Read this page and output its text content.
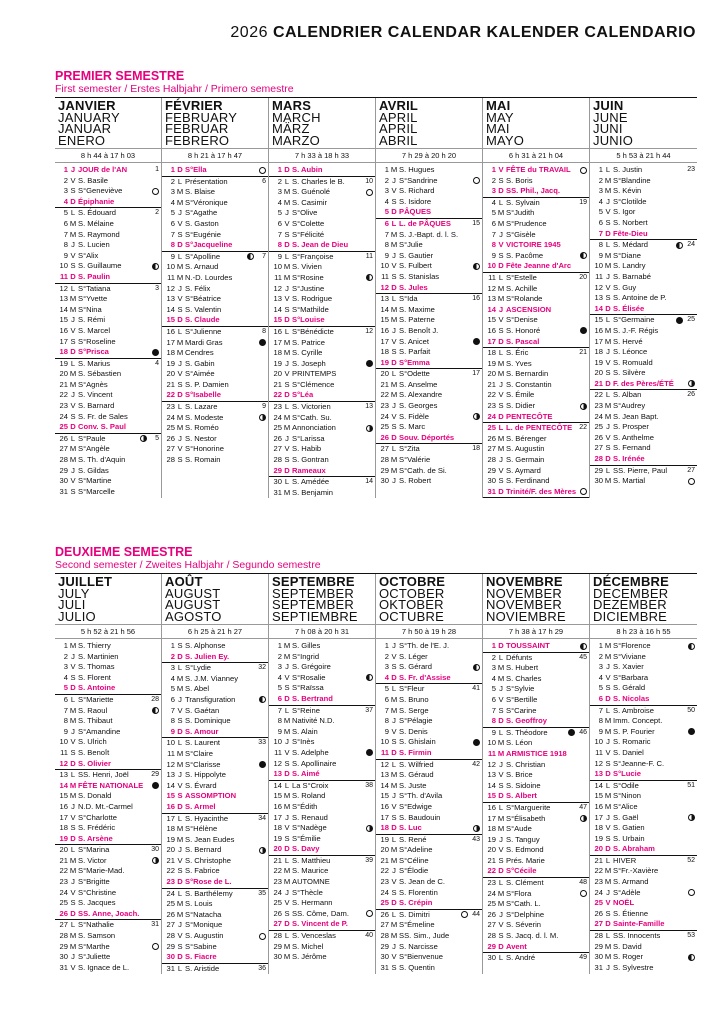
2026 CALENDRIER CALENDAR KALENDER CALENDARIO
PREMIER SEMESTRE
First semester / Erstes Halbjahr / Primero semestre
JANVIER
JANUARY
JANUAR
ENERO
8 h 44 à 17 h 03
1 J JOUR de l'AN	1
2 V S. Basile
3 S S°Geneviève
4 D Épiphanie
5 L S. Édouard	2
6 M S. Mélaine
7 M S. Raymond
8 J S. Lucien
9 V S°Alix
10 S S. Guillaume
11 D S. Paulin
12 L S°Tatiana	3
13 M S°Yvette
14 M S°Nina
15 J S. Rémi
16 V S. Marcel
17 S S°Roseline
18 D S°Prisca
19 L S. Marius	4
20 M S. Sébastien
21 M S°Agnès
22 J S. Vincent
23 V S. Barnard
24 S S. Fr. de Sales
25 D Conv. S. Paul
26 L S°Paule	5
27 M S°Angèle
28 M S. Th. d'Aquin
29 J S. Gildas
30 V S°Martine
31 S S°Marcelle
FÉVRIER
FEBRUARY
FEBRUAR
FEBRERO
8 h 21 à 17 h 47
1 D S°Ella
2 L Présentation	6
3 M S. Blaise
4 M S°Véronique
5 J S°Agathe
6 V S. Gaston
7 S S°Eugénie
8 D S°Jacqueline
9 L S°Apolline	7
10 M S. Arnaud
11 M N.-D. Lourdes
12 J S. Félix
13 V S°Béatrice
14 S S. Valentin
15 D S. Claude
16 L S°Julienne	8
17 M Mardi Gras
18 M Cendres
19 J S. Gabin
20 V S°Aimée
21 S S. P. Damien
22 D S°Isabelle
23 L S. Lazare	9
24 M S. Modeste
25 M S. Roméo
26 J S. Nestor
27 V S°Honorine
28 S S. Romain
MARS
MARCH
MÄRZ
MARZO
7 h 33 à 18 h 33
1 D S. Aubin
2 L S. Charles le B.	10
3 M S. Guénolé
4 M S. Casimir
5 J S°Olive
6 V S°Colette
7 S S°Félicité
8 D S. Jean de Dieu
9 L S°Françoise	11
10 M S. Vivien
11 M S°Rosine
12 J S°Justine
13 V S. Rodrigue
14 S S°Mathilde
15 D S°Louise
16 L S°Bénédicte	12
17 M S. Patrice
18 M S. Cyrille
19 J S. Joseph
20 V PRINTEMPS
21 S S°Clémence
22 D S°Léa
23 L S. Victorien	13
24 M S°Cath. Su.
25 M Annonciation
26 J S°Larissa
27 V S. Habib
28 S S. Gontran
29 D Rameaux
30 L S. Amédée	14
31 M S. Benjamin
AVRIL
APRIL
APRIL
ABRIL
7 h 29 à 20 h 20
1 M S. Hugues
2 J S°Sandrine
3 V S. Richard
4 S S. Isidore
5 D PÂQUES
6 L L. de PÂQUES	15
7 M S. J.-Bapt. d. l. S.
8 M S°Julie
9 J S. Gautier
10 V S. Fulbert
11 S S. Stanislas
12 D S. Jules
13 L S°Ida	16
14 M S. Maxime
15 M S. Paterne
16 J S. Benoît J.
17 V S. Anicet
18 S S. Parfait
19 D S°Emma
20 L S°Odette	17
21 M S. Anselme
22 M S. Alexandre
23 J S. Georges
24 V S. Fidèle
25 S S. Marc
26 D Souv. Déportés
27 L S°Zita	18
28 M S°Valérie
29 M S°Cath. de Si.
30 J S. Robert
MAI
MAY
MAI
MAYO
6 h 31 à 21 h 04
1 V FÊTE du TRAVAIL
2 S S. Boris
3 D SS. Phil., Jacq.
4 L S. Sylvain	19
5 M S°Judith
6 M S°Prudence
7 J S°Gisèle
8 V VICTOIRE 1945
9 S S. Pacôme
10 D Fête Jeanne d'Arc
11 L S°Estelle	20
12 M S. Achille
13 M S°Rolande
14 J ASCENSION
15 V S°Denise
16 S S. Honoré
17 D S. Pascal
18 L S. Éric	21
19 M S. Yves
20 M S. Bernardin
21 J S. Constantin
22 V S. Émile
23 S S. Didier
24 D PENTECÔTE
25 L L. de PENTECÔTE 22
26 M S. Bérenger
27 M S. Augustin
28 J S. Germain
29 V S. Aymard
30 S S. Ferdinand
31 D Trinité/F. des Mères
JUIN
JUNE
JUNI
JUNIO
5 h 53 à 21 h 44
1 L S. Justin	23
2 M S°Blandine
3 M S. Kévin
4 J S°Clotilde
5 V S. Igor
6 S S. Norbert
7 D Fête-Dieu
8 L S. Médard	24
9 M S°Diane
10 M S. Landry
11 J S. Barnabé
12 V S. Guy
13 S S. Antoine de P.
14 D S. Élisée
15 L S°Germaine	25
16 M S. J.-F. Régis
17 M S. Hervé
18 J S. Léonce
19 V S. Romuald
20 S S. Silvère
21 D F. des Pères/ÉTÉ
22 L S. Alban	26
23 M S°Audrey
24 M S. Jean Bapt.
25 J S. Prosper
26 V S. Anthelme
27 S S. Fernand
28 D S. Irénée
29 L SS. Pierre, Paul	27
30 M S. Martial
DEUXIEME SEMESTRE
Second semester / Zweites Halbjahr / Segundo semestre
JUILLET
JULY
JULI
JULIO
5 h 52 à 21 h 56
1 M S. Thierry
2 J S. Martinien
3 V S. Thomas
4 S S. Florent
5 D S. Antoine
6 L S°Mariette	28
7 M S. Raoul
8 M S. Thibaut
9 J S°Amandine
10 V S. Ulrich
11 S S. Benoît
12 D S. Olivier
13 L SS. Henri, Joël	29
14 M FÊTE NATIONALE
15 M S. Donald
16 J N.D. Mt.-Carmel
17 V S°Charlotte
18 S S. Frédéric
19 D S. Arsène
20 L S°Marina	30
21 M S. Victor
22 M S°Marie-Mad.
23 J S°Brigitte
24 V S°Christine
25 S S. Jacques
26 D SS. Anne, Joach.
27 L S°Nathalie	31
28 M S. Samson
29 M S°Marthe
30 J S°Juliette
31 V S. Ignace de L.
AOÛT
AUGUST
AUGUST
AGOSTO
6 h 25 à 21 h 27
1 S S. Alphonse
2 D S. Julien Ey.
3 L S°Lydie	32
4 M S. J.M. Vianney
5 M S. Abel
6 J Transfiguration
7 V S. Gaétan
8 S S. Dominique
9 D S. Amour
10 L S. Laurent	33
11 M S°Claire
12 M S°Clarisse
13 J S. Hippolyte
14 V S. Évrard
15 S ASSOMPTION
16 D S. Armel
17 L S. Hyacinthe	34
18 M S°Hélène
19 M S. Jean Eudes
20 J S. Bernard
21 V S. Christophe
22 S S. Fabrice
23 D S°Rose de L.
24 L S. Barthélemy	35
25 M S. Louis
26 M S°Natacha
27 J S°Monique
28 V S. Augustin
29 S S°Sabine
30 D S. Fiacre
31 L S. Aristide	36
SEPTEMBRE
SEPTEMBER
SEPTEMBER
SEPTIEMBRE
7 h 08 à 20 h 31
1 M S. Gilles
2 M S°Ingrid
3 J S. Grégoire
4 V S°Rosalie
5 S S°Raïssa
6 D S. Bertrand
7 L S°Reine	37
8 M Nativité N.D.
9 M S. Alain
10 J S°Inès
11 V S. Adelphe
12 S S. Apollinaire
13 D S. Aimé
14 L La S°Croix	38
15 M S. Roland
16 M S°Édith
17 J S. Renaud
18 V S°Nadège
19 S S°Émilie
20 D S. Davy
21 L S. Matthieu	39
22 M S. Maurice
23 M AUTOMNE
24 J S°Thècle
25 V S. Hermann
26 S SS. Côme, Dam.
27 D S. Vincent de P.
28 L S. Venceslas	40
29 M S. Michel
30 M S. Jérôme
OCTOBRE
OCTOBER
OKTOBER
OCTUBRE
7 h 50 à 19 h 28
1 J S°Th. de l'E. J.
2 V S. Léger
3 S S. Gérard
4 D S. Fr. d'Assise
5 L S°Fleur	41
6 M S. Bruno
7 M S. Serge
8 J S°Pélagie
9 V S. Denis
10 S S. Ghislain
11 D S. Firmin
12 L S. Wilfried	42
13 M S. Géraud
14 M S. Juste
15 J S°Th. d'Avila
16 V S°Edwige
17 S S. Baudouin
18 D S. Luc
19 L S. René	43
20 M S°Adeline
21 M S°Céline
22 J S°Élodie
23 V S. Jean de C.
24 S S. Florentin
25 D S. Crépin
26 L S. Dimitri	44
27 M S°Émeline
28 M SS. Sim., Jude
29 J S. Narcisse
30 V S°Bienvenue
31 S S. Quentin
NOVEMBRE
NOVEMBER
NOVEMBER
NOVIEMBRE
7 h 38 à 17 h 29
1 D TOUSSAINT
2 L Défunts	45
3 M S. Hubert
4 M S. Charles
5 J S°Sylvie
6 V S°Bertille
7 S S°Carine
8 D S. Geoffroy
9 L S. Théodore	46
10 M S. Léon
11 M ARMISTICE 1918
12 J S. Christian
13 V S. Brice
14 S S. Sidoine
15 D S. Albert
16 L S°Marguerite	47
17 M S°Élisabeth
18 M S°Aude
19 J S. Tanguy
20 V S. Edmond
21 S Prés. Marie
22 D S°Cécile
23 L S. Clément	48
24 M S°Flora
25 M S°Cath. L.
26 J S°Delphine
27 V S. Séverin
28 S S. Jacq. d. l. M.
29 D Avent
30 L S. André	49
DÉCEMBRE
DECEMBER
DEZEMBER
DICIEMBRE
8 h 23 à 16 h 55
1 M S°Florence
2 M S°Viviane
3 J S. Xavier
4 V S°Barbara
5 S S. Gérald
6 D S. Nicolas
7 L S. Ambroise	50
8 M Imm. Concept.
9 M S. P. Fourier
10 J S. Romaric
11 V S. Daniel
12 S S°Jeanne-F. C.
13 D S°Lucie
14 L S°Odile	51
15 M S°Ninon
16 M S°Alice
17 J S. Gaël
18 V S. Gatien
19 S S. Urbain
20 D S. Abraham
21 L HIVER	52
22 M S°Fr.-Xavière
23 M S. Armand
24 J S°Adèle
25 V NOËL
26 S S. Étienne
27 D Sainte-Famille
28 L SS. Innocents	53
29 M S. David
30 M S. Roger
31 J S. Sylvestre
